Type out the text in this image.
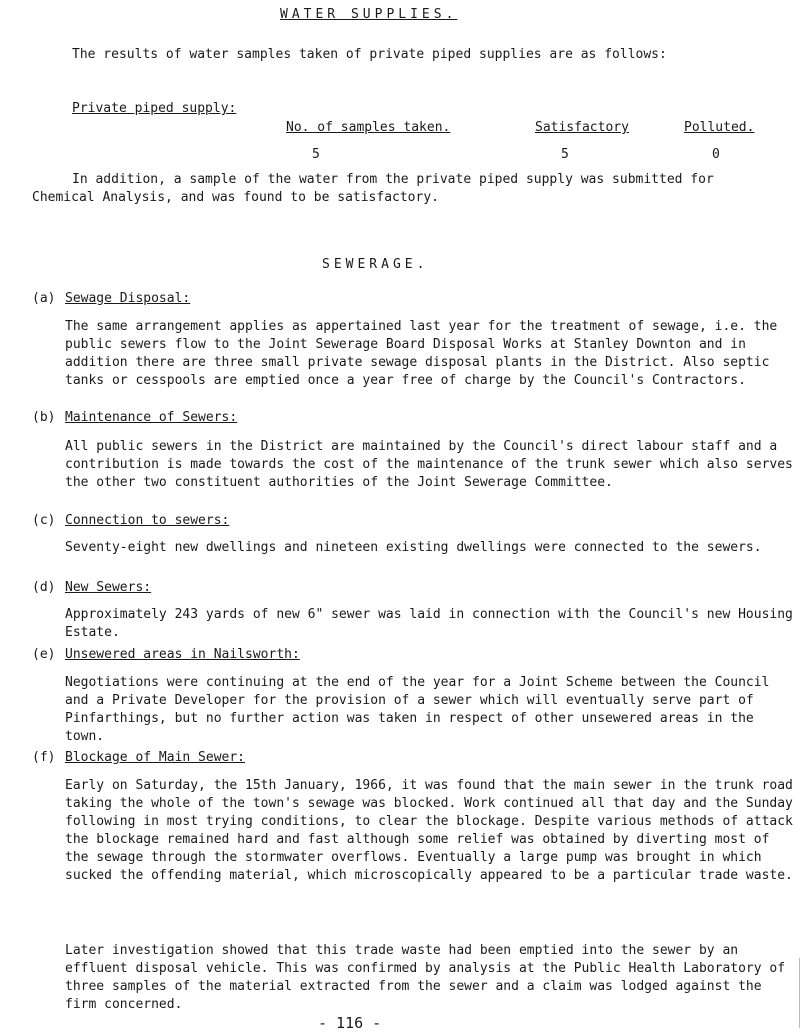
WATER SUPPLIES.

The results of water samples taken of private piped supplies are as follows:

Private piped supply:
No. of samples taken.	Satisfactory	Polluted.
5	5	0

In addition, a sample of the water from the private piped supply was submitted for Chemical Analysis, and was found to be satisfactory.

SEWERAGE.
(a) Sewage Disposal:

The same arrangement applies as appertained last year for the treatment of sewage, i.e. the public sewers flow to the Joint Sewerage Board Disposal Works at Stanley Downton and in addition there are three small private sewage disposal plants in the District. Also septic tanks or cesspools are emptied once a year free of charge by the Council's Contractors.

(b) Maintenance of Sewers:

All public sewers in the District are maintained by the Council's direct labour staff and a contribution is made towards the cost of the maintenance of the trunk sewer which also serves the other two constituent authorities of the Joint Sewerage Committee.

(c) Connection to sewers:

Seventy-eight new dwellings and nineteen existing dwellings were connected to the sewers.

(d) New Sewers:

Approximately 243 yards of new 6" sewer was laid in connection with the Council's new Housing Estate.

(e) Unsewered areas in Nailsworth:

Negotiations were continuing at the end of the year for a Joint Scheme between the Council and a Private Developer for the provision of a sewer which will eventually serve part of Pinfarthings, but no further action was taken in respect of other unsewered areas in the town.

(f) Blockage of Main Sewer:

Early on Saturday, the 15th January, 1966, it was found that the main sewer in the trunk road taking the whole of the town's sewage was blocked. Work continued all that day and the Sunday following in most trying conditions, to clear the blockage. Despite various methods of attack the blockage remained hard and fast although some relief was obtained by diverting most of the sewage through the stormwater overflows. Eventually a large pump was brought in which sucked the offending material, which microscopically appeared to be a particular trade waste.

Later investigation showed that this trade waste had been emptied into the sewer by an effluent disposal vehicle. This was confirmed by analysis at the Public Health Laboratory of three samples of the material extracted from the sewer and a claim was lodged against the firm concerned.

- 116 -
